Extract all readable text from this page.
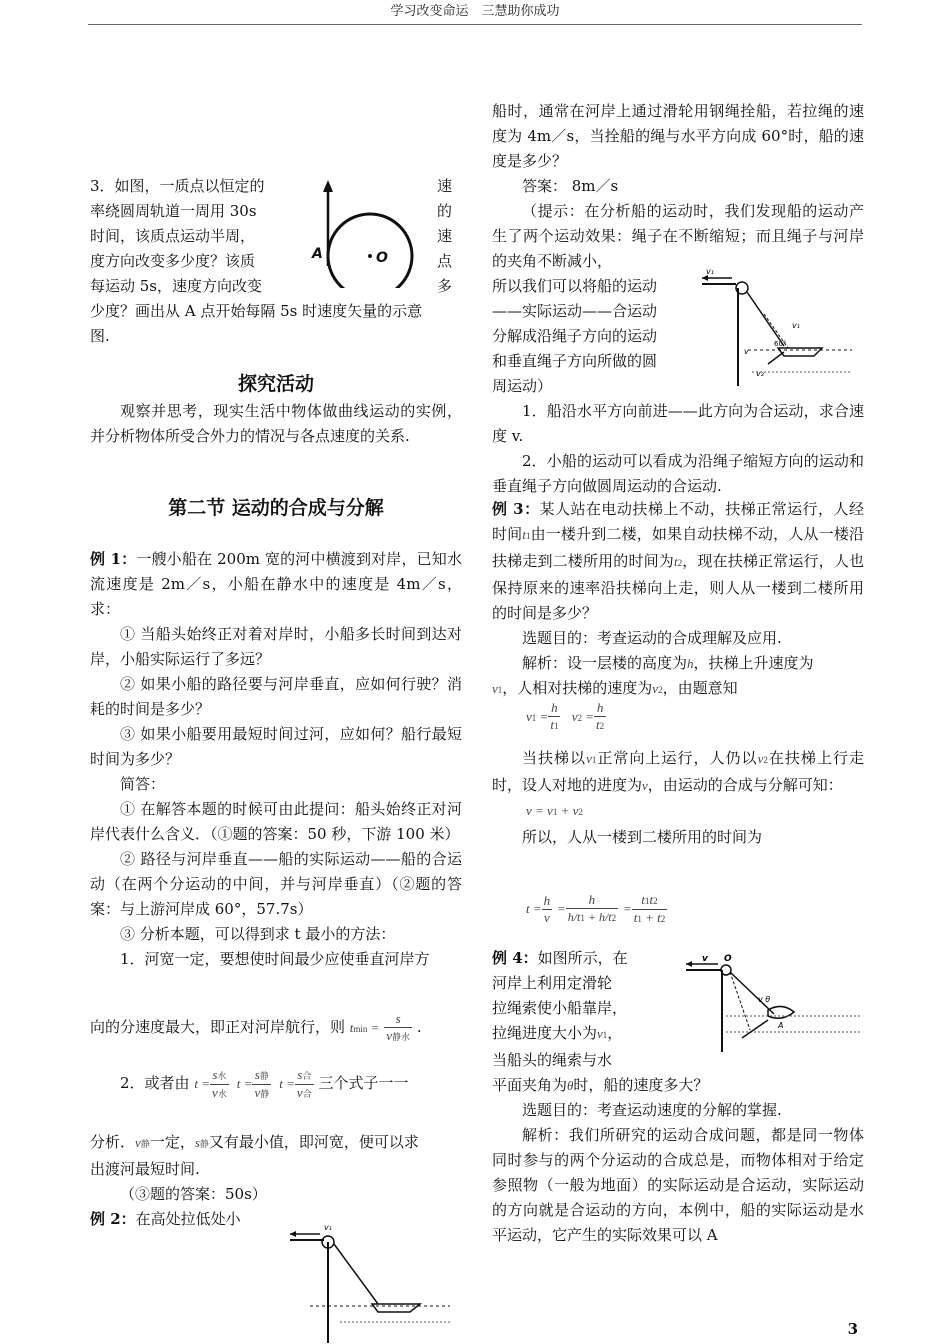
学习改变命运　三慧助你成功
3．如图，一质点以恒定的	速
率绕圆周轨道一周用 30s	的
时间，该质点运动半周，	速
度方向改变多少度？该质	点
每运动 5s，速度方向改变	多
少度？画出从 A 点开始每隔 5s 时速度矢量的示意
图.
A	O
探究活动
观察并思考，现实生活中物体做曲线运动的实例，并分析物体所受合外力的情况与各点速度的关系.
第二节 运动的合成与分解
例 1：一艘小船在 200m 宽的河中横渡到对岸，已知水流速度是 2m／s，小船在静水中的速度是 4m／s，求：
① 当船头始终正对着对岸时，小船多长时间到达对岸，小船实际运行了多远？
② 如果小船的路径要与河岸垂直，应如何行驶？消耗的时间是多少？
③ 如果小船要用最短时间过河，应如何？船行最短时间为多少？
简答：
① 在解答本题的时候可由此提问：船头始终正对河岸代表什么含义．（①题的答案：50 秒，下游 100 米）
② 路径与河岸垂直——船的实际运动——船的合运动（在两个分运动的中间，并与河岸垂直）（②题的答案：与上游河岸成 60°，57.7s）
③ 分析本题，可以得到求 t 最小的方法：
1．河宽一定，要想使时间最少应使垂直河岸方
向的分速度最大，即正对河岸航行，则 $tmin = \frac{s}{\text{v静水}}$ .
2．或者由 $t = \frac{\text{s水}}{\text{v水}}$ $t = \frac{\text{s静}}{\text{v静}}$ $t = \frac{\text{s合}}{\text{v合}}$ 三个式子一一
分析．v静一定，s静又有最小值，即河宽，便可以求
出渡河最短时间.
（③题的答案：50s）
例 2：在高处拉低处小	v₁
船时，通常在河岸上通过滑轮用钢绳拴船，若拉绳的速度为 4m／s，当拴船的绳与水平方向成 60°时，船的速度是多少？
答案： 8m／s
（提示：在分析船的运动时，我们发现船的运动产生了两个运动效果：绳子在不断缩短；而且绳子与河岸的夹角不断减小，
所以我们可以将船的运动
——实际运动——合运动
分解成沿绳子方向的运动
和垂直绳子方向所做的圆
周运动）
1．船沿水平方向前进——此方向为合运动，求合速度 v.
2．小船的运动可以看成为沿绳子缩短方向的运动和垂直绳子方向做圆周运动的合运动.
v₁
v₁
v
60°
v₂
例 3：某人站在电动扶梯上不动，扶梯正常运行，人经时间t1由一楼升到二楼，如果自动扶梯不动，人从一楼沿扶梯走到二楼所用的时间为t2，现在扶梯正常运行，人也保持原来的速率沿扶梯向上走，则人从一楼到二楼所用的时间是多少？
选题目的：考查运动的合成理解及应用.
解析：设一层楼的高度为h，扶梯上升速度为
v1，人相对扶梯的速度为v2，由题意知
$v1 = \frac{h}{t1} v2 = \frac{h}{t2}$
当扶梯以v1正常向上运行，人仍以v2在扶梯上行走时，设人对地的进度为v，由运动的合成与分解可知：
v = v1 + v2
所以，人从一楼到二楼所用的时间为
$t = \frac{h}{v} = \frac{h}{h/t1 + h/t2} = \frac{t1t2}{t1 + t2}$
例 4：如图所示，在
河岸上利用定滑轮
拉绳索使小船靠岸，
拉绳进度大小为v1，
当船头的绳索与水
平面夹角为θ时，船的速度多大？
选题目的：考查运动速度的分解的掌握.
解析：我们所研究的运动合成问题，都是同一物体同时参与的两个分运动的合成总是，而物体相对于给定参照物（一般为地面）的实际运动是合运动，实际运动的方向就是合运动的方向，本例中，船的实际运动是水平运动，它产生的实际效果可以 A
v O
v θ
A
3
